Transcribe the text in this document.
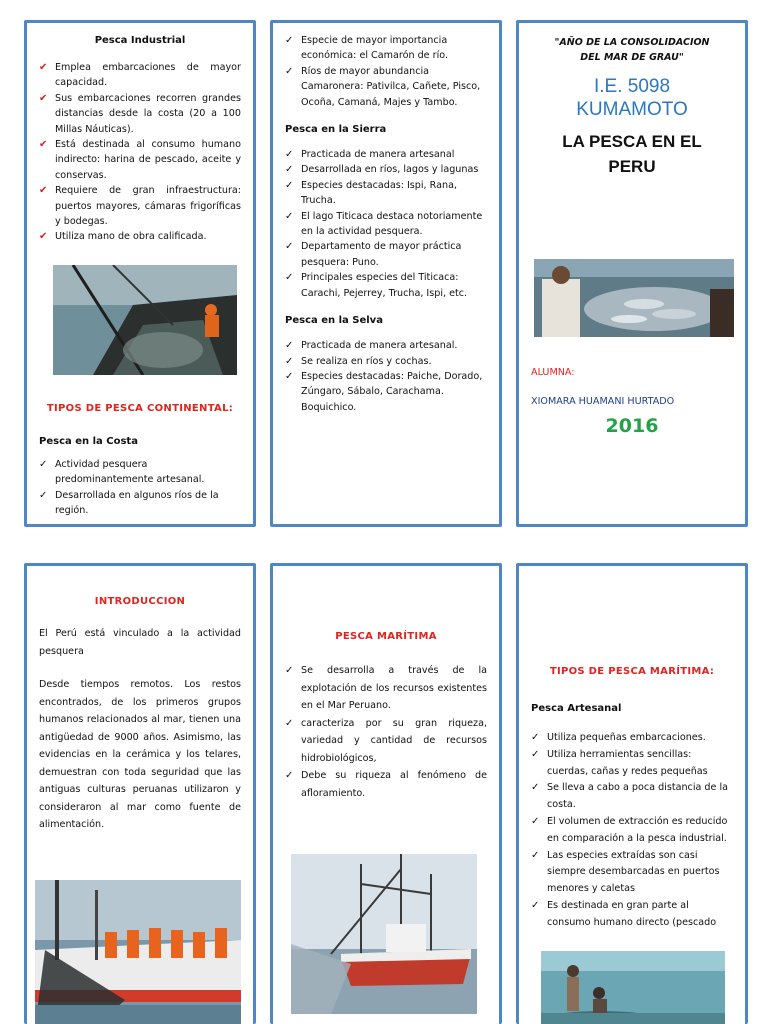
Pesca Industrial
✔ Emplea embarcaciones de mayor capacidad.
✔ Sus embarcaciones recorren grandes distancias desde la costa (20 a 100 Millas Náuticas).
✔ Está destinada al consumo humano indirecto: harina de pescado, aceite y conservas.
✔ Requiere de gran infraestructura: puertos mayores, cámaras frigoríficas y bodegas.
✔ Utiliza mano de obra calificada.
TIPOS DE PESCA CONTINENTAL:
Pesca en la Costa
✓ Actividad pesquera predominantemente artesanal.
✓ Desarrollada en algunos ríos de la región.
✓ Especie de mayor importancia económica: el Camarón de río.
✓ Ríos de mayor abundancia Camaronera: Pativilca, Cañete, Pisco, Ocoña, Camaná, Majes y Tambo.
Pesca en la Sierra
✓ Practicada de manera artesanal
✓ Desarrollada en ríos, lagos y lagunas
✓ Especies destacadas: Ispi, Rana, Trucha.
✓ El lago Titicaca destaca notoriamente en la actividad pesquera.
✓ Departamento de mayor práctica pesquera: Puno.
✓ Principales especies del Titicaca: Carachi, Pejerrey, Trucha, Ispi, etc.
Pesca en la Selva
✓ Practicada de manera artesanal.
✓ Se realiza en ríos y cochas.
✓ Especies destacadas: Paiche, Dorado, Zúngaro, Sábalo, Carachama. Boquichico.
"AÑO DE LA CONSOLIDACION
DEL MAR DE GRAU"
I.E. 5098
KUMAMOTO
LA PESCA EN EL
PERU
ALUMNA:
XIOMARA HUAMANI HURTADO
2016
INTRODUCCION

El Perú está vinculado a la actividad pesquera

Desde tiempos remotos. Los restos encontrados, de los primeros grupos humanos relacionados al mar, tienen una antigüedad de 9000 años. Asimismo, las evidencias en la cerámica y los telares, demuestran con toda seguridad que las antiguas culturas peruanas utilizaron y consideraron al mar como fuente de alimentación.

PESCA MARÍTIMA
✓ Se desarrolla a través de la explotación de los recursos existentes en el Mar Peruano.
✓ caracteriza por su gran riqueza, variedad y cantidad de recursos hidrobiológicos,
✓ Debe su riqueza al fenómeno de afloramiento.
TIPOS DE PESCA MARÍTIMA:
Pesca Artesanal
✓ Utiliza pequeñas embarcaciones.
✓ Utiliza herramientas sencillas: cuerdas, cañas y redes pequeñas
✓ Se lleva a cabo a poca distancia de la costa.
✓ El volumen de extracción es reducido en comparación a la pesca industrial.
✓ Las especies extraídas son casi siempre desembarcadas en puertos menores y caletas
✓ Es destinada en gran parte al consumo humano directo (pescado
